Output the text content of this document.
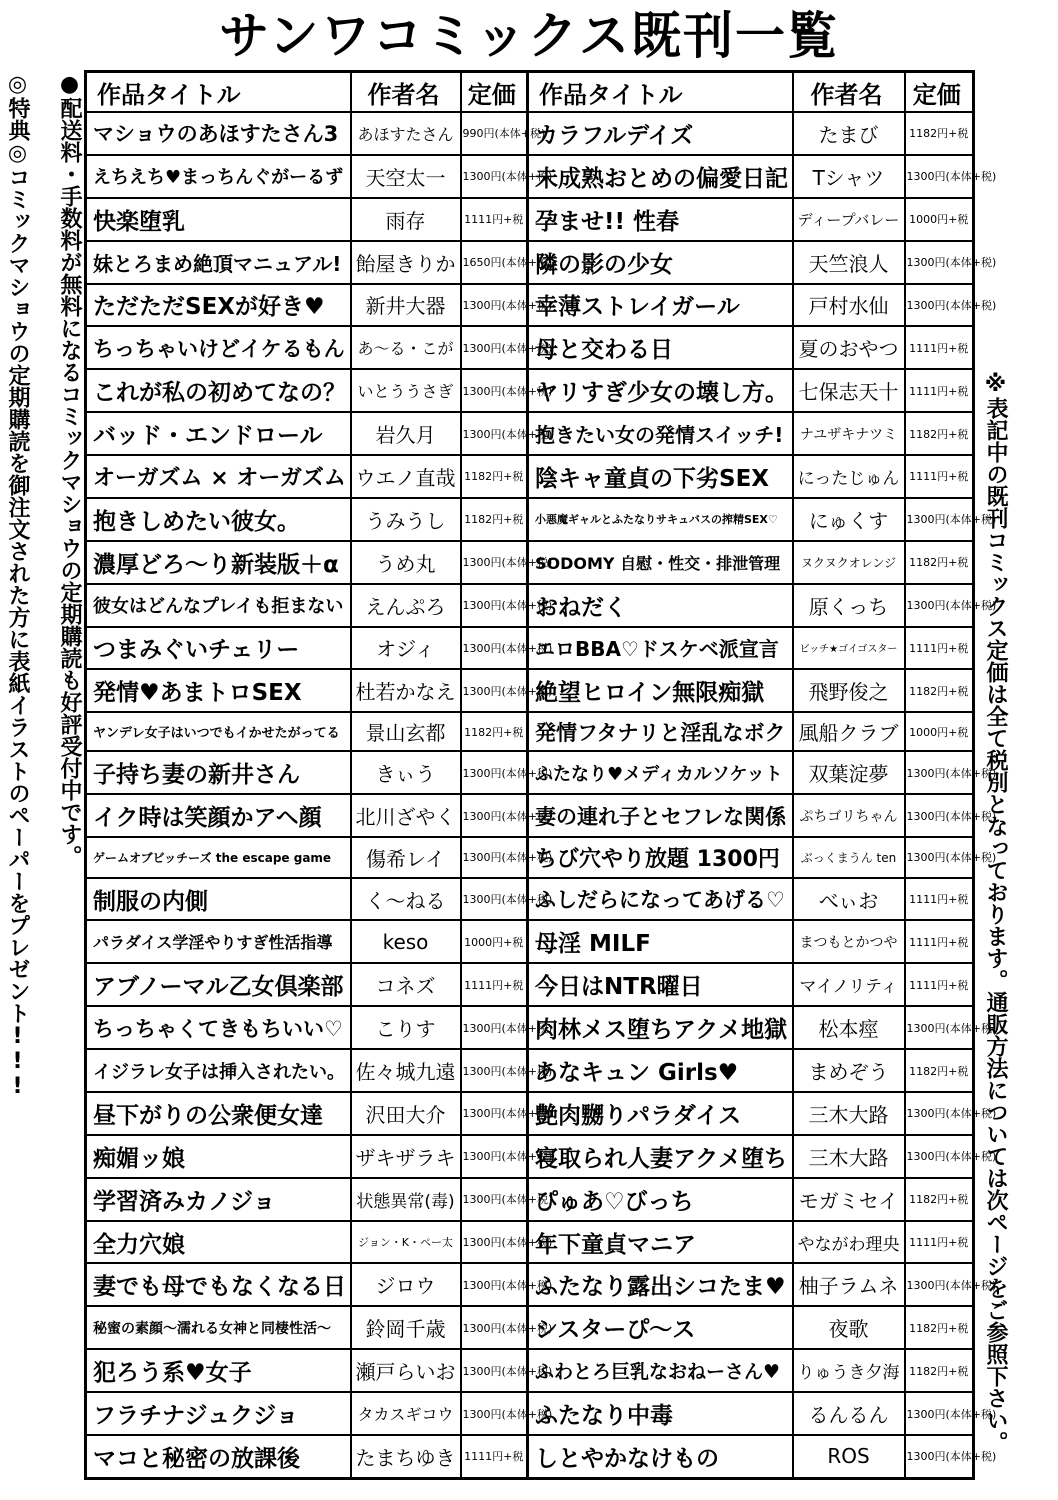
サンワコミックス既刊一覧
●配送料・手数料が無料になるコミックマショウの定期購読も好評受付中です。
◎特典◎コミックマショウの定期購読を御注文された方に表紙イラストのペーパーをプレゼント!!!	※表記中の既刊コミックス定価は全て税別となっております。通販方法については次ページをご参照下さい。
作品タイトル	作者名	定価	作品タイトル	作者名	定価
マショウのあほすたさん3	あほすたさん	990円(本体+税)	カラフルデイズ	たまび	1182円+税
えちえち♥まっちんぐがーるず	天空太一	1300円(本体+税)	未成熟おとめの偏愛日記	Tシャツ	1300円(本体+税)
快楽堕乳	雨存	1111円+税	孕ませ!! 性春	ディープバレー	1000円+税
妹とろまめ絶頂マニュアル!	飴屋きりか	1650円(本体+税)	隣の影の少女	天竺浪人	1300円(本体+税)
ただただSEXが好き♥	新井大器	1300円(本体+税)	幸薄ストレイガール	戸村水仙	1300円(本体+税)
ちっちゃいけどイケるもん	あ～る・こが	1300円(本体+税)	母と交わる日	夏のおやつ	1111円+税
これが私の初めてなの？	いとううさぎ	1300円(本体+税)	ヤリすぎ少女の壊し方。	七保志天十	1111円+税
バッド・エンドロール	岩久月	1300円(本体+税)	抱きたい女の発情スイッチ!	ナユザキナツミ	1182円+税
オーガズム × オーガズム	ウエノ直哉	1182円+税	陰キャ童貞の下劣SEX	にったじゅん	1111円+税
抱きしめたい彼女。	うみうし	1182円+税	小悪魔ギャルとふたなりサキュバスの搾精SEX♡	にゅくす	1300円(本体+税)
濃厚どろ～り新装版＋α	うめ丸	1300円(本体+税)	SODOMY 自慰・性交・排泄管理	ヌクヌクオレンジ	1182円+税
彼女はどんなプレイも拒まない	えんぷろ	1300円(本体+税)	おねだく	原くっち	1300円(本体+税)
つまみぐいチェリー	オジィ	1300円(本体+税)	エロBBA♡ドスケベ派宣言	ビッチ★ゴイゴスター	1111円+税
発情♥あまトロSEX	杜若かなえ	1300円(本体+税)	絶望ヒロイン無限痴獄	飛野俊之	1182円+税
ヤンデレ女子はいつでもイかせたがってる	景山玄都	1182円+税	発情フタナリと淫乱なボク	風船クラブ	1000円+税
子持ち妻の新井さん	きぃう	1300円(本体+税)	ふたなり♥メディカルソケット	双葉淀夢	1300円(本体+税)
イク時は笑顔かアヘ顔	北川ざやく	1300円(本体+税)	妻の連れ子とセフレな関係	ぷちゴリちゃん	1300円(本体+税)
ゲームオブビッチーズ the escape game	傷希レイ	1300円(本体+税)	ちび穴やり放題 1300円	ぶっくまうん ten	1300円(本体+税)
制服の内側	く～ねる	1300円(本体+税)	ふしだらになってあげる♡	べぃお	1111円+税
パラダイス学淫やりすぎ性活指導	keso	1000円+税	母淫 MILF	まつもとかつや	1111円+税
アブノーマル乙女倶楽部	コネズ	1111円+税	今日はNTR曜日	マイノリティ	1111円+税
ちっちゃくてきもちいい♡	こりす	1300円(本体+税)	肉林メス堕ちアクメ地獄	松本痙	1300円(本体+税)
イジラレ女子は挿入されたい。	佐々城九遠	1300円(本体+税)	あなキュン Girls♥	まめぞう	1182円+税
昼下がりの公衆便女達	沢田大介	1300円(本体+税)	艶肉嬲りパラダイス	三木大路	1300円(本体+税)
痴媚ッ娘	ザキザラキ	1300円(本体+税)	寝取られ人妻アクメ堕ち	三木大路	1300円(本体+税)
学習済みカノジョ	状態異常(毒)	1300円(本体+税)	ぴゅあ♡びっち	モガミセイ	1182円+税
全力穴娘	ジョン・K・ペー太	1300円(本体+税)	年下童貞マニア	やながわ理央	1111円+税
妻でも母でもなくなる日	ジロウ	1300円(本体+税)	ふたなり露出シコたま♥	柚子ラムネ	1300円(本体+税)
秘蜜の素顔～濡れる女神と同棲性活～	鈴岡千歳	1300円(本体+税)	シスターぴ～ス	夜歌	1182円+税
犯ろう系♥女子	瀬戸らいお	1300円(本体+税)	ふわとろ巨乳なおねーさん♥	りゅうき夕海	1182円+税
フラチナジュクジョ	タカスギコウ	1300円(本体+税)	ふたなり中毒	るんるん	1300円(本体+税)
マコと秘密の放課後	たまちゆき	1111円+税	しとやかなけもの	ROS	1300円(本体+税)
